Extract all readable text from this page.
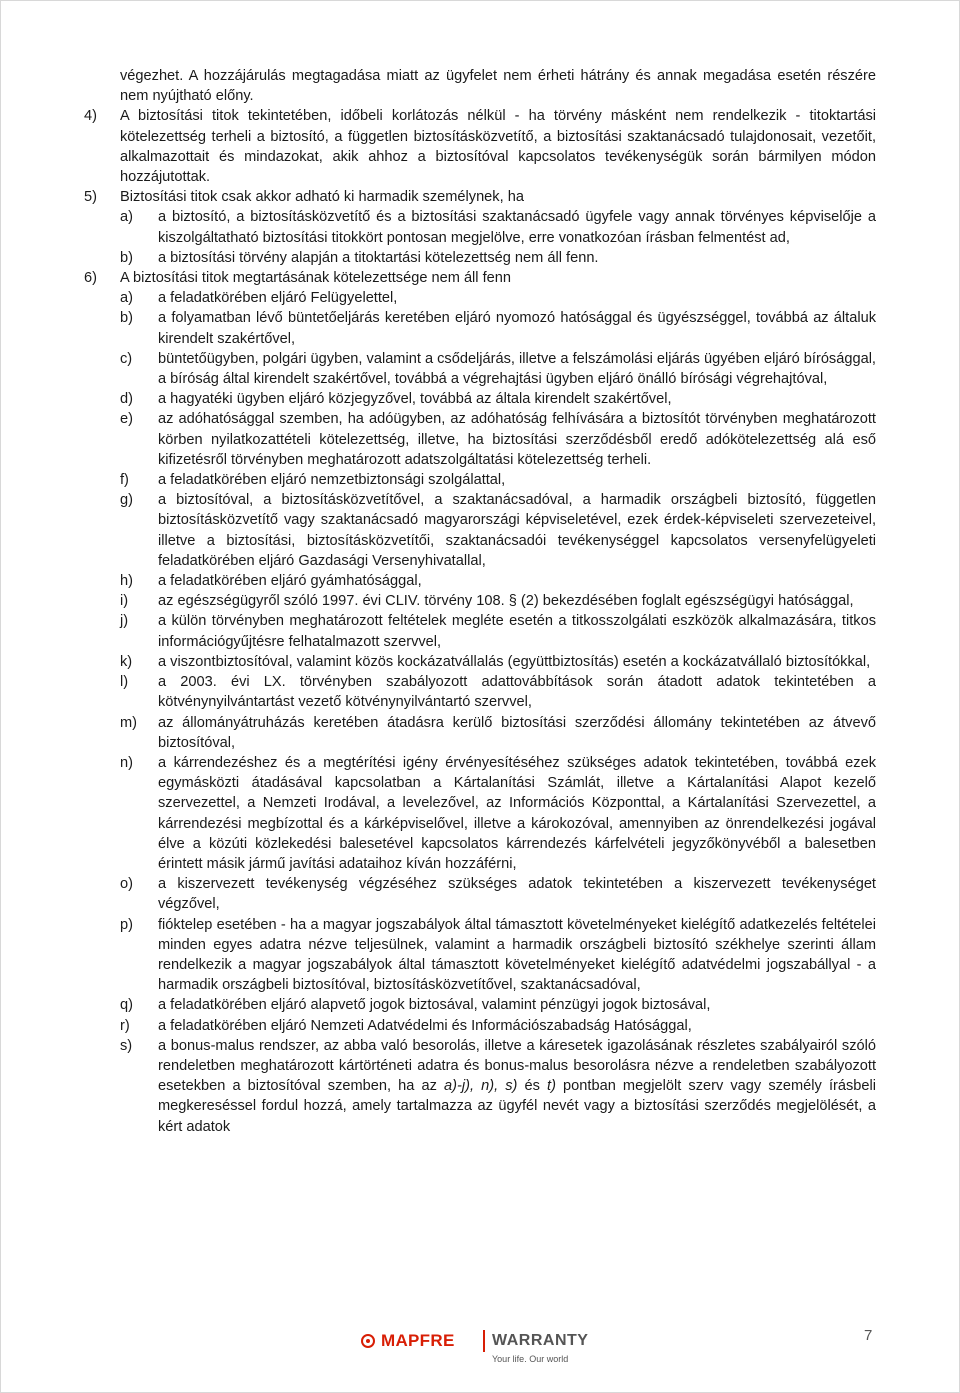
végezhet. A hozzájárulás megtagadása miatt az ügyfelet nem érheti hátrány és annak megadása esetén részére nem nyújtható előny.
4)	A biztosítási titok tekintetében, időbeli korlátozás nélkül - ha törvény másként nem rendelkezik - titoktartási kötelezettség terheli a biztosító, a független biztosításközvetítő, a biztosítási szaktanácsadó tulajdonosait, vezetőit, alkalmazottait és mindazokat, akik ahhoz a biztosítóval kapcsolatos tevékenységük során bármilyen módon hozzájutottak.
5)	Biztosítási titok csak akkor adható ki harmadik személynek, ha
a)	a biztosító, a biztosításközvetítő és a biztosítási szaktanácsadó ügyfele vagy annak törvényes képviselője a kiszolgáltatható biztosítási titokkört pontosan megjelölve, erre vonatkozóan írásban felmentést ad,
b)	a biztosítási törvény alapján a titoktartási kötelezettség nem áll fenn.
6)	A biztosítási titok megtartásának kötelezettsége nem áll fenn
a)	a feladatkörében eljáró Felügyelettel,
b)	a folyamatban lévő büntetőeljárás keretében eljáró nyomozó hatósággal és ügyészséggel, továbbá az általuk kirendelt szakértővel,
c)	büntetőügyben, polgári ügyben, valamint a csődeljárás, illetve a felszámolási eljárás ügyében eljáró bírósággal, a bíróság által kirendelt szakértővel, továbbá a végrehajtási ügyben eljáró önálló bírósági végrehajtóval,
d)	a hagyatéki ügyben eljáró közjegyzővel, továbbá az általa kirendelt szakértővel,
e)	az adóhatósággal szemben, ha adóügyben, az adóhatóság felhívására a biztosítót törvényben meghatározott körben nyilatkozattételi kötelezettség, illetve, ha biztosítási szerződésből eredő adókötelezettség alá eső kifizetésről törvényben meghatározott adatszolgáltatási kötelezettség terheli.
f)	a feladatkörében eljáró nemzetbiztonsági szolgálattal,
g)	a biztosítóval, a biztosításközvetítővel, a szaktanácsadóval, a harmadik országbeli biztosító, független biztosításközvetítő vagy szaktanácsadó magyarországi képviseletével, ezek érdek-képviseleti szervezeteivel, illetve a biztosítási, biztosításközvetítői, szaktanácsadói tevékenységgel kapcsolatos versenyfelügyeleti feladatkörében eljáró Gazdasági Versenyhivatallal,
h)	a feladatkörében eljáró gyámhatósággal,
i)	az egészségügyről szóló 1997. évi CLIV. törvény 108. § (2) bekezdésében foglalt egészségügyi hatósággal,
j)	a külön törvényben meghatározott feltételek megléte esetén a titkosszolgálati eszközök alkalmazására, titkos információgyűjtésre felhatalmazott szervvel,
k)	a viszontbiztosítóval, valamint közös kockázatvállalás (együttbiztosítás) esetén a kockázatvállaló biztosítókkal,
l)	a 2003. évi LX. törvényben szabályozott adattovábbítások során átadott adatok tekintetében a kötvénynyilvántartást vezető kötvénynyilvántartó szervvel,
m)	az állományátruházás keretében átadásra kerülő biztosítási szerződési állomány tekintetében az átvevő biztosítóval,
n)	a kárrendezéshez és a megtérítési igény érvényesítéséhez szükséges adatok tekintetében, továbbá ezek egymásközti átadásával kapcsolatban a Kártalanítási Számlát, illetve a Kártalanítási Alapot kezelő szervezettel, a Nemzeti Irodával, a levelezővel, az Információs Központtal, a Kártalanítási Szervezettel, a kárrendezési megbízottal és a kárképviselővel, illetve a károkozóval, amennyiben az önrendelkezési jogával élve a közúti közlekedési balesetével kapcsolatos kárrendezés kárfelvételi jegyzőkönyvéből a balesetben érintett másik jármű javítási adataihoz kíván hozzáférni,
o)	a kiszervezett tevékenység végzéséhez szükséges adatok tekintetében a kiszervezett tevékenységet végzővel,
p)	fióktelep esetében - ha a magyar jogszabályok által támasztott követelményeket kielégítő adatkezelés feltételei minden egyes adatra nézve teljesülnek, valamint a harmadik országbeli biztosító székhelye szerinti állam rendelkezik a magyar jogszabályok által támasztott követelményeket kielégítő adatvédelmi jogszabállyal - a harmadik országbeli biztosítóval, biztosításközvetítővel, szaktanácsadóval,
q)	a feladatkörében eljáró alapvető jogok biztosával, valamint pénzügyi jogok biztosával,
r)	a feladatkörében eljáró Nemzeti Adatvédelmi és Információszabadság Hatósággal,
s)	a bonus-malus rendszer, az abba való besorolás, illetve a káresetek igazolásának részletes szabályairól szóló rendeletben meghatározott kártörténeti adatra és bonus-malus besorolásra nézve a rendeletben szabályozott esetekben a biztosítóval szemben, ha az a)-j), n), s) és t) pontban megjelölt szerv vagy személy írásbeli megkereséssel fordul hozzá, amely tartalmazza az ügyfél nevét vagy a biztosítási szerződés megjelölését, a kért adatok
MAPFRE WARRANTY
Your life. Our world
7
